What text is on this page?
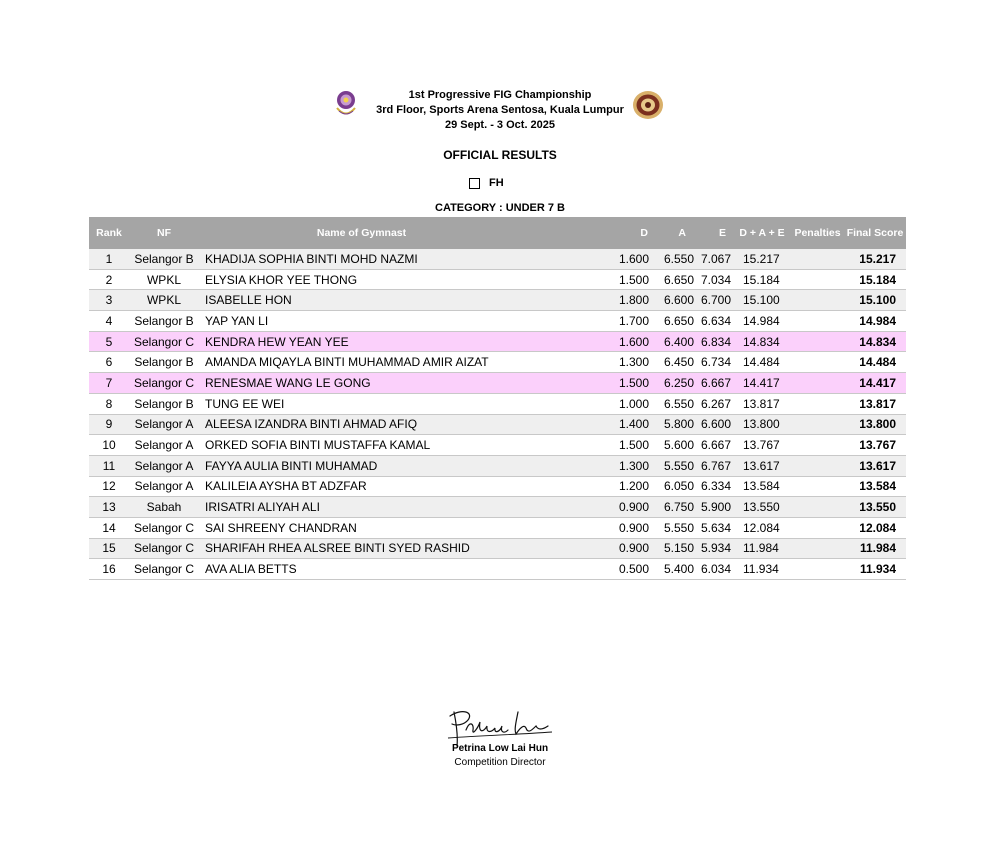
1st Progressive FIG Championship
3rd Floor, Sports Arena Sentosa, Kuala Lumpur
29 Sept. - 3 Oct. 2025
OFFICIAL RESULTS
FH
CATEGORY : UNDER 7 B
Rank	NF	Name of Gymnast	D	A	E	D + A + E	Penalties	Final Score
1	Selangor B	KHADIJA SOPHIA BINTI MOHD NAZMI	1.600	6.550	7.067	15.217		15.217
2	WPKL	ELYSIA KHOR YEE THONG	1.500	6.650	7.034	15.184		15.184
3	WPKL	ISABELLE HON	1.800	6.600	6.700	15.100		15.100
4	Selangor B	YAP YAN LI	1.700	6.650	6.634	14.984		14.984
5	Selangor C	KENDRA HEW YEAN YEE	1.600	6.400	6.834	14.834		14.834
6	Selangor B	AMANDA MIQAYLA BINTI MUHAMMAD AMIR AIZAT	1.300	6.450	6.734	14.484		14.484
7	Selangor C	RENESMAE WANG LE GONG	1.500	6.250	6.667	14.417		14.417
8	Selangor B	TUNG EE WEI	1.000	6.550	6.267	13.817		13.817
9	Selangor A	ALEESA IZANDRA BINTI AHMAD AFIQ	1.400	5.800	6.600	13.800		13.800
10	Selangor A	ORKED SOFIA BINTI MUSTAFFA KAMAL	1.500	5.600	6.667	13.767		13.767
11	Selangor A	FAYYA AULIA BINTI MUHAMAD	1.300	5.550	6.767	13.617		13.617
12	Selangor A	KALILEIA AYSHA BT ADZFAR	1.200	6.050	6.334	13.584		13.584
13	Sabah	IRISATRI ALIYAH ALI	0.900	6.750	5.900	13.550		13.550
14	Selangor C	SAI SHREENY CHANDRAN	0.900	5.550	5.634	12.084		12.084
15	Selangor C	SHARIFAH RHEA ALSREE BINTI SYED RASHID	0.900	5.150	5.934	11.984		11.984
16	Selangor C	AVA ALIA BETTS	0.500	5.400	6.034	11.934		11.934
Petrina Low Lai Hun
Competition Director
